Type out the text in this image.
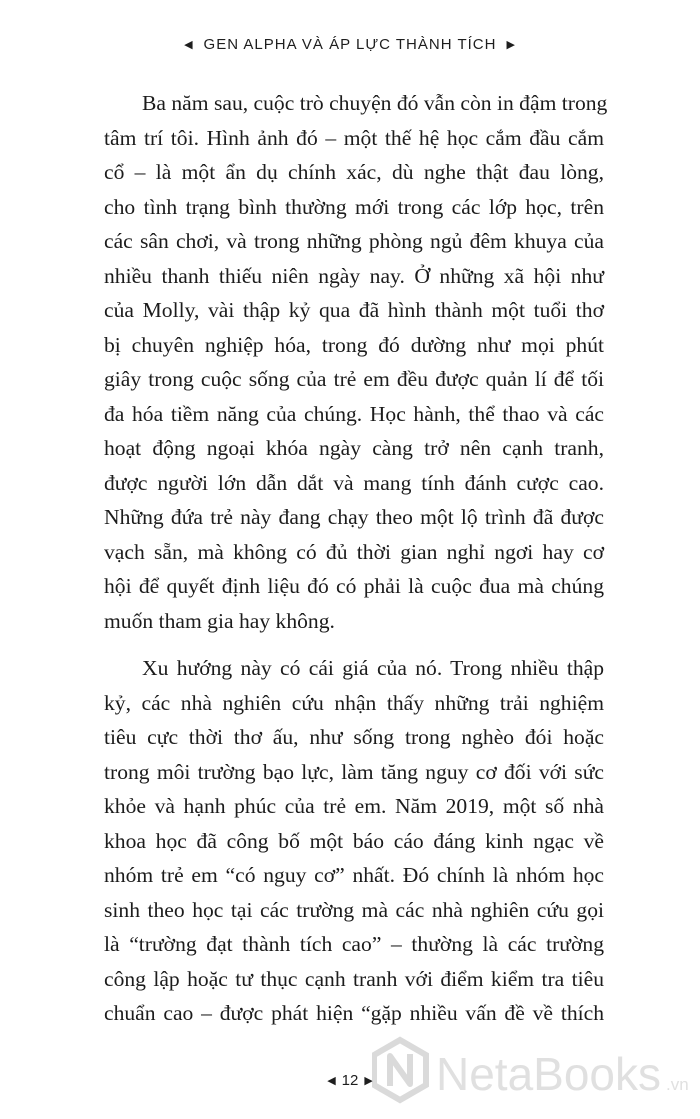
◀ GEN ALPHA VÀ ÁP LỰC THÀNH TÍCH ▶
Ba năm sau, cuộc trò chuyện đó vẫn còn in đậm trong
tâm trí tôi. Hình ảnh đó – một thế hệ học cắm đầu cắm
cổ – là một ẩn dụ chính xác, dù nghe thật đau lòng,
cho tình trạng bình thường mới trong các lớp học, trên
các sân chơi, và trong những phòng ngủ đêm khuya của
nhiều thanh thiếu niên ngày nay. Ở những xã hội như
của Molly, vài thập kỷ qua đã hình thành một tuổi thơ
bị chuyên nghiệp hóa, trong đó dường như mọi phút
giây trong cuộc sống của trẻ em đều được quản lí để tối
đa hóa tiềm năng của chúng. Học hành, thể thao và các
hoạt động ngoại khóa ngày càng trở nên cạnh tranh,
được người lớn dẫn dắt và mang tính đánh cược cao.
Những đứa trẻ này đang chạy theo một lộ trình đã được
vạch sẵn, mà không có đủ thời gian nghỉ ngơi hay cơ
hội để quyết định liệu đó có phải là cuộc đua mà chúng
muốn tham gia hay không.
Xu hướng này có cái giá của nó. Trong nhiều thập
kỷ, các nhà nghiên cứu nhận thấy những trải nghiệm
tiêu cực thời thơ ấu, như sống trong nghèo đói hoặc
trong môi trường bạo lực, làm tăng nguy cơ đối với sức
khỏe và hạnh phúc của trẻ em. Năm 2019, một số nhà
khoa học đã công bố một báo cáo đáng kinh ngạc về
nhóm trẻ em “có nguy cơ” nhất. Đó chính là nhóm học
sinh theo học tại các trường mà các nhà nghiên cứu gọi
là “trường đạt thành tích cao” – thường là các trường
công lập hoặc tư thục cạnh tranh với điểm kiểm tra tiêu
chuẩn cao – được phát hiện “gặp nhiều vấn đề về thích
◀ 12 ▶	NetaBooks .vn
